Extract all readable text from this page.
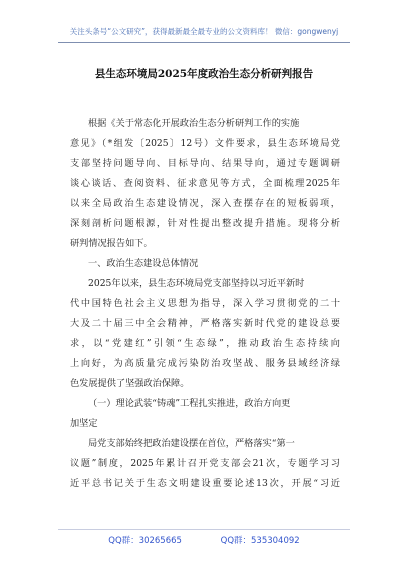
关注头条号“公文研究”，获得最新最全最专业的公文资料库！ 微信：gongwenyj
县生态环境局2025年度政治生态分析研判报告
根据《关于常态化开展政治生态分析研判工作的实施
意见》（*组发〔2025〕12号）文件要求，县生态环境局党
支部坚持问题导向、目标导向、结果导向，通过专题调研
谈心谈话、查阅资料、征求意见等方式，全面梳理2025年
以来全局政治生态建设情况，深入查摆存在的短板弱项，
深刻剖析问题根源，针对性提出整改提升措施。现将分析
研判情况报告如下。
一、政治生态建设总体情况
2025年以来，县生态环境局党支部坚持以习近平新时
代中国特色社会主义思想为指导，深入学习贯彻党的二十
大及二十届三中全会精神，严格落实新时代党的建设总要
求，以“党建红”引领“生态绿”，推动政治生态持续向
上向好，为高质量完成污染防治攻坚战、服务县域经济绿
色发展提供了坚强政治保障。
（一）理论武装“铸魂”工程扎实推进，政治方向更
加坚定
局党支部始终把政治建设摆在首位，严格落实“第一
议题”制度，2025年累计召开党支部会21次，专题学习习
近平总书记关于生态文明建设重要论述13次，开展“习近
QQ群：30265665	QQ群：535304092
